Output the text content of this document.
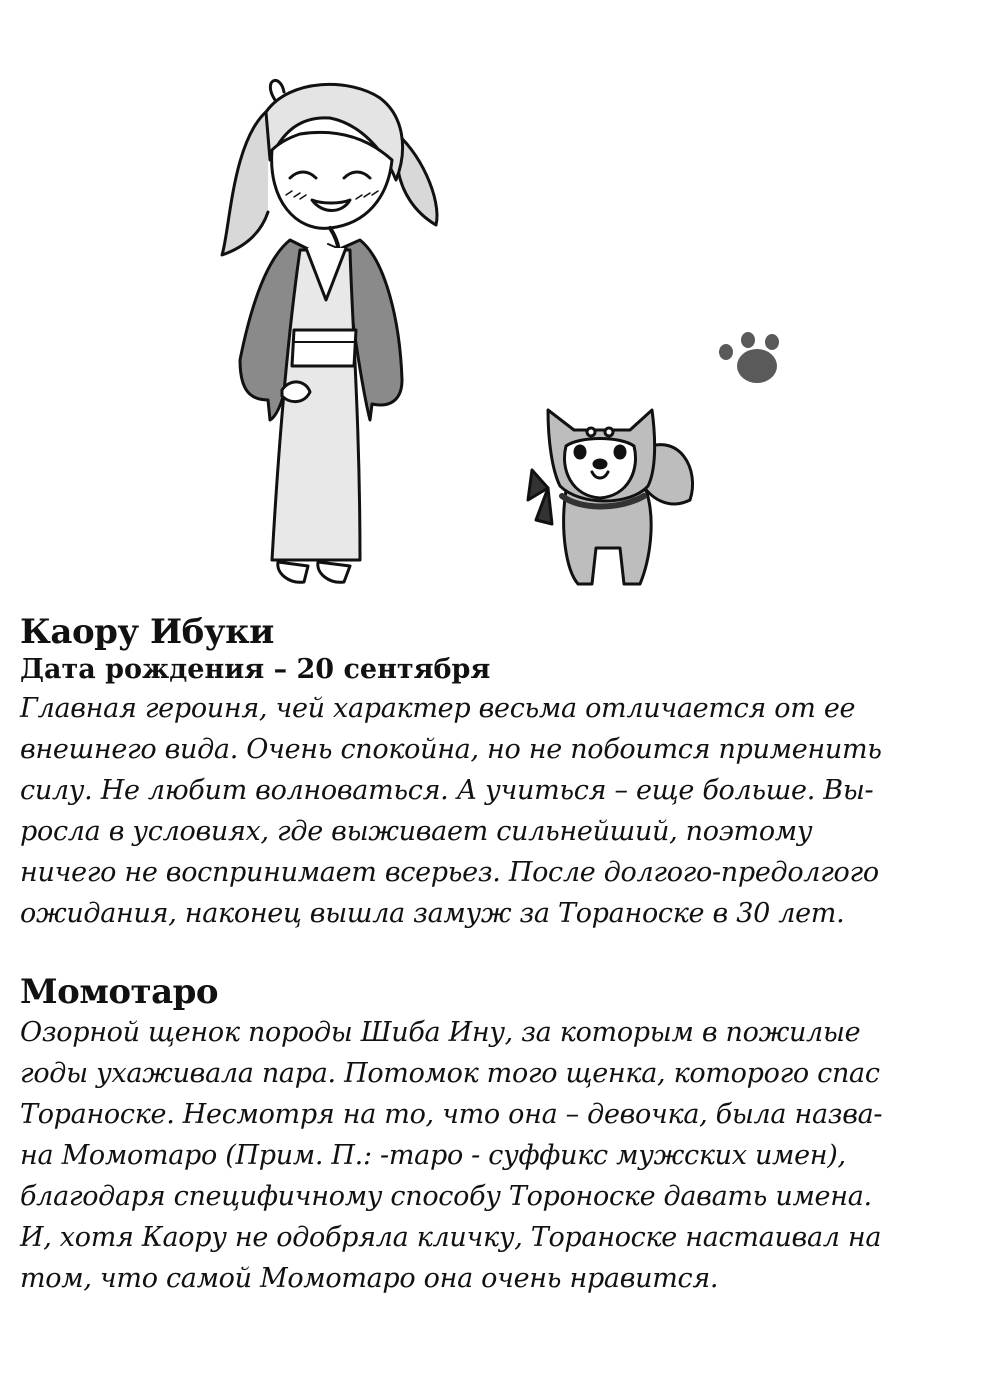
Каору Ибуки
Дата рождения – 20 сентября

Главная героиня, чей характер весьма отличается от ее

внешнего вида. Очень спокойна, но не побоится применить

силу. Не любит волноваться. А учиться – еще больше. Вы-

росла в условиях, где выживает сильнейший, поэтому

ничего не воспринимает всерьез. После долгого-предолгого

ожидания, наконец вышла замуж за Тораноске в 30 лет.

Момотаро

Озорной щенок породы Шиба Ину, за которым в пожилые

годы ухаживала пара. Потомок того щенка, которого спас

Тораноске. Несмотря на то, что она – девочка, была назва-

на Момотаро (Прим. П.: -таро - суффикс мужских имен),

благодаря специфичному способу Тороноске давать имена.

И, хотя Каору не одобряла кличку, Тораноске настаивал на

том, что самой Момотаро она очень нравится.
